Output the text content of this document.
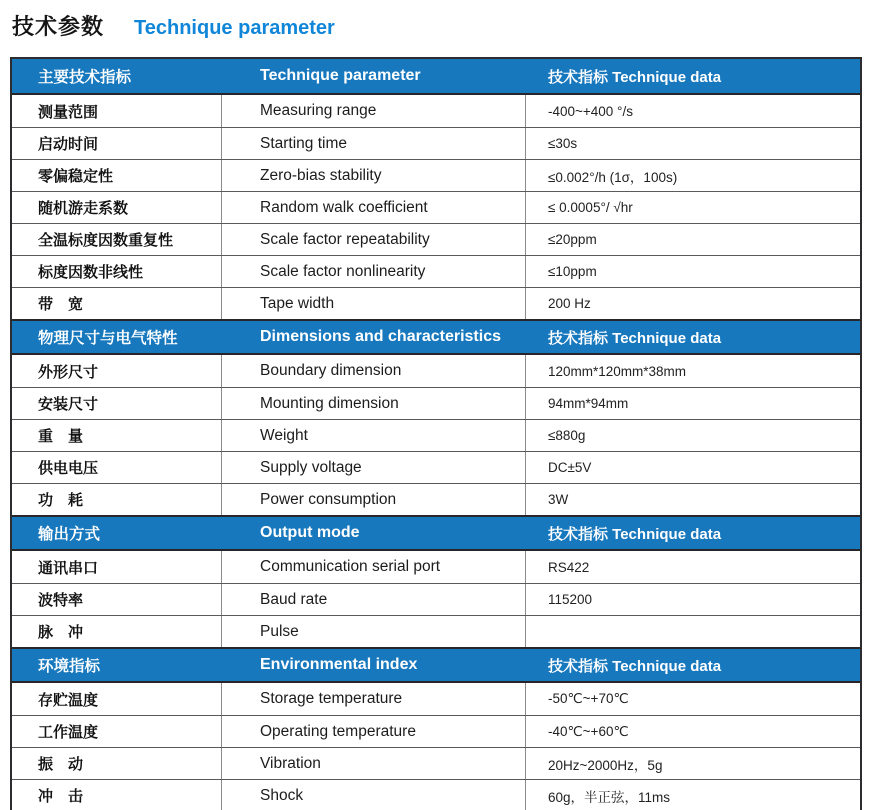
技术参数 Technique parameter
主要技术指标	Technique parameter	技术指标 Technique data
测量范围	Measuring range	-400~+400 °/s
启动时间	Starting time	≤30s
零偏稳定性	Zero-bias stability	≤0.002°/h (1σ，100s)
随机游走系数	Random walk coefficient	≤ 0.0005°/ √hr
全温标度因数重复性	Scale factor repeatability	≤20ppm
标度因数非线性	Scale factor nonlinearity	≤10ppm
带　宽	Tape width	200 Hz
物理尺寸与电气特性	Dimensions and characteristics	技术指标 Technique data
外形尺寸	Boundary dimension	120mm*120mm*38mm
安装尺寸	Mounting dimension	94mm*94mm
重　量	Weight	≤880g
供电电压	Supply voltage	DC±5V
功　耗	Power consumption	3W
输出方式	Output mode	技术指标 Technique data
通讯串口	Communication serial port	RS422
波特率	Baud rate	115200
脉　冲	Pulse
环境指标	Environmental index	技术指标 Technique data
存贮温度	Storage temperature	-50℃~+70℃
工作温度	Operating temperature	-40℃~+60℃
振　动	Vibration	20Hz~2000Hz，5g
冲　击	Shock	60g，半正弦，11ms
